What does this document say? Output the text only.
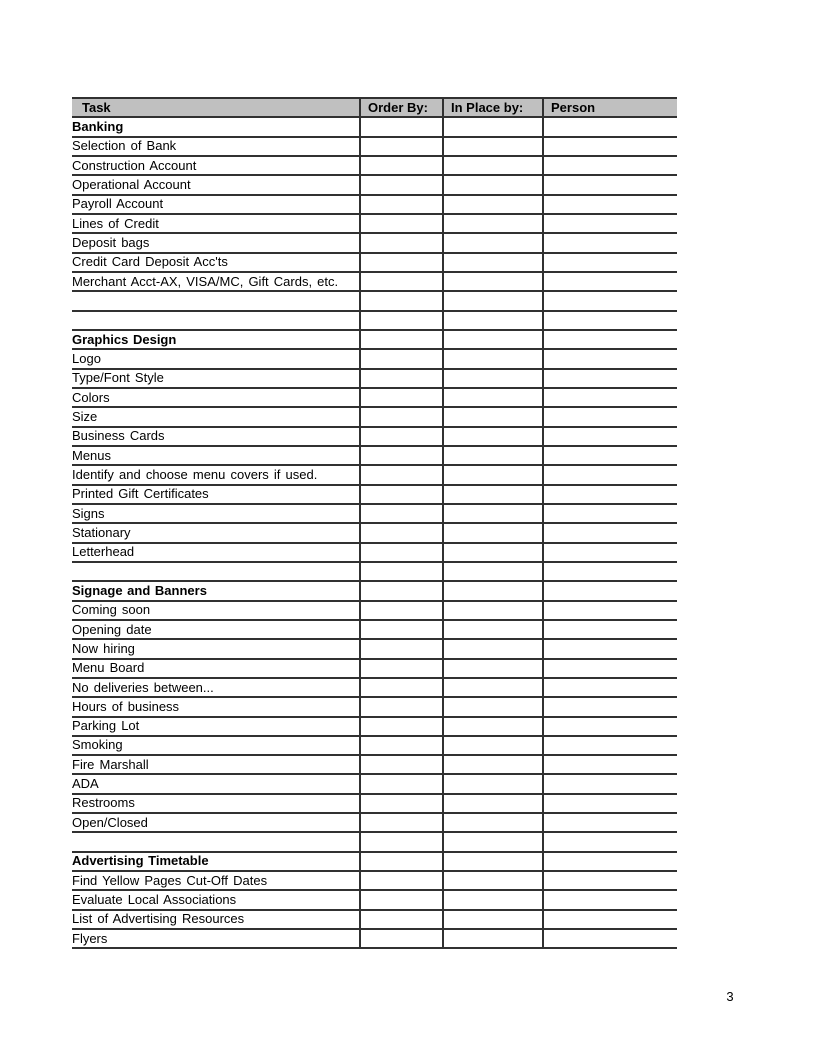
Task	Order By:	In Place by:	Person
Banking			
Selection of Bank			
Construction Account			
Operational Account			
Payroll Account			
Lines of Credit			
Deposit bags			
Credit Card Deposit Acc'ts			
Merchant Acct-AX, VISA/MC, Gift Cards, etc.			

Graphics Design			
Logo			
Type/Font Style			
Colors			
Size			
Business Cards			
Menus			
Identify and choose menu covers if used.			
Printed Gift Certificates			
Signs			
Stationary			
Letterhead			

Signage and Banners			
Coming soon			
Opening date			
Now hiring			
Menu Board			
No deliveries between...			
Hours of business			
Parking Lot			
Smoking			
Fire Marshall			
ADA			
Restrooms			
Open/Closed			

Advertising Timetable			
Find Yellow Pages Cut-Off Dates			
Evaluate Local Associations			
List of Advertising Resources			
Flyers			
3
